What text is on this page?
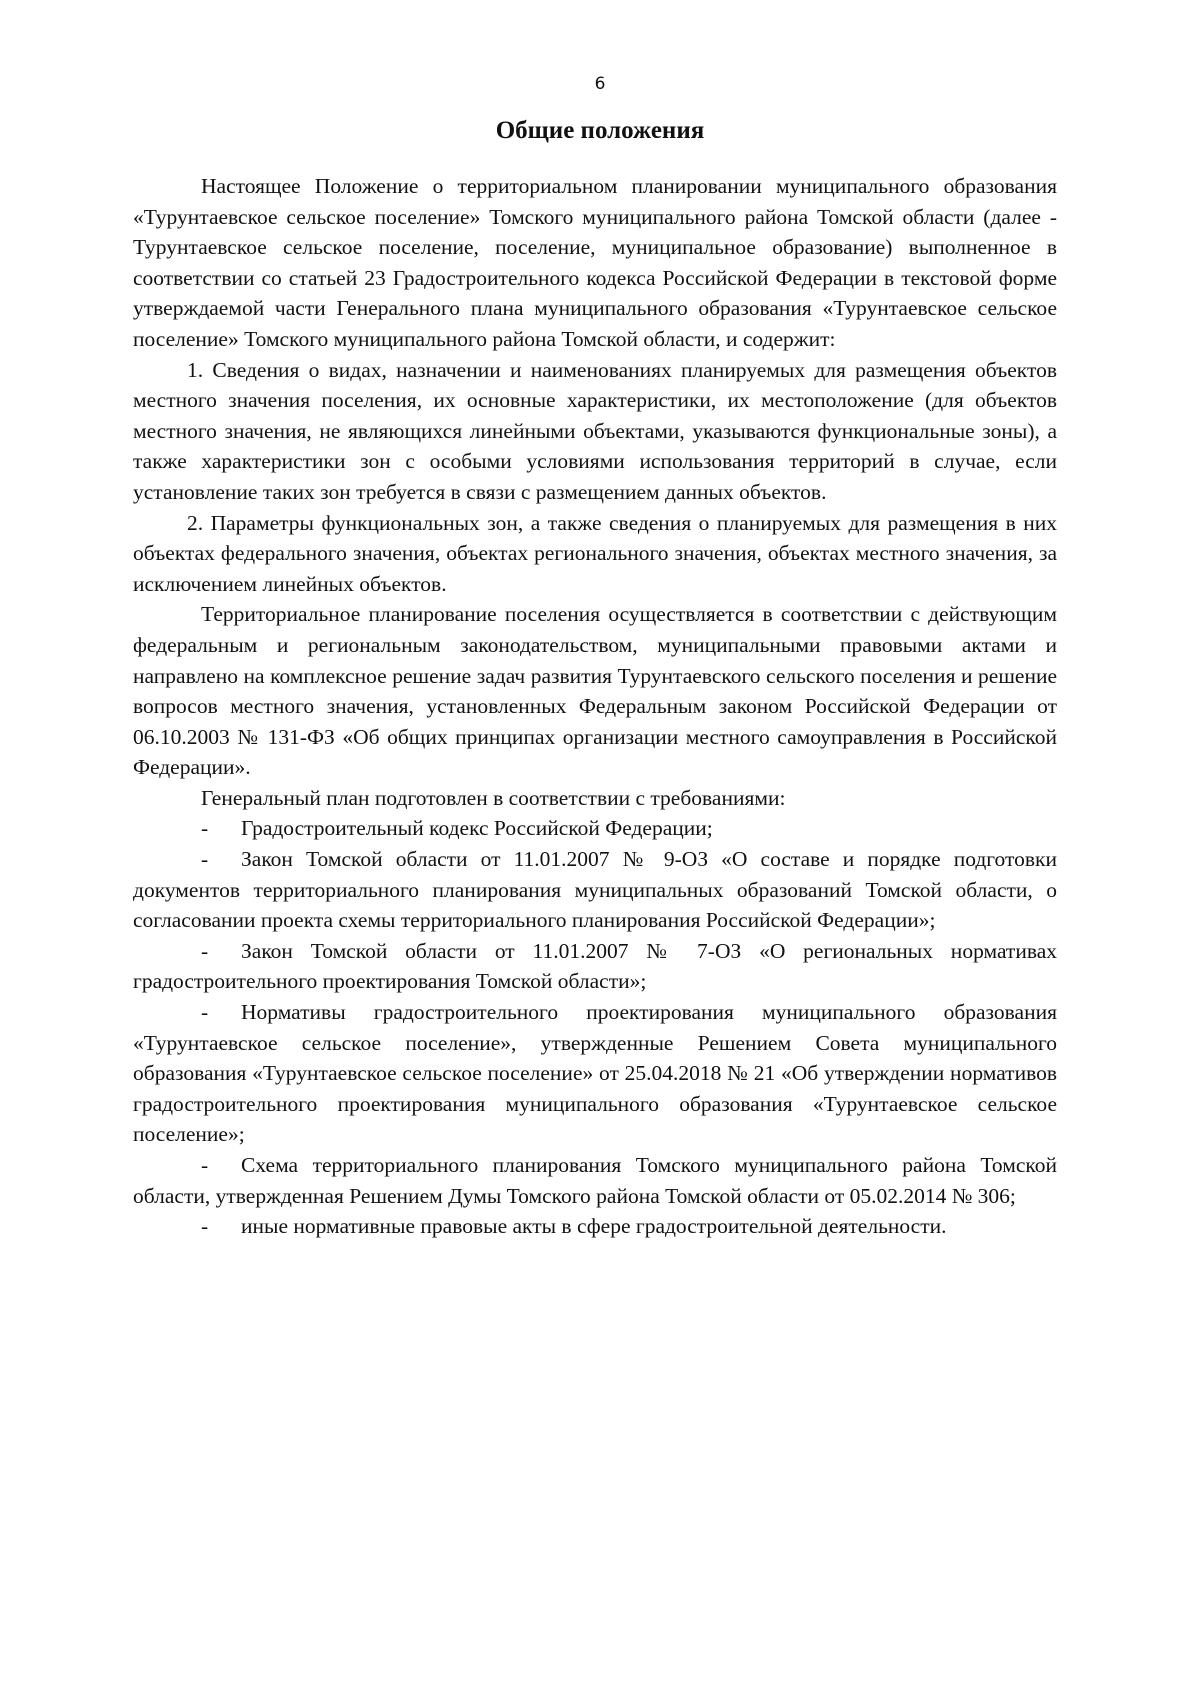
6

Общие положения

Настоящее Положение о территориальном планировании муниципального образования «Турунтаевское сельское поселение» Томского муниципального района Томской области (далее - Турунтаевское сельское поселение, поселение, муниципальное образование) выполненное в соответствии со статьей 23 Градостроительного кодекса Российской Федерации в текстовой форме утверждаемой части Генерального плана муниципального образования «Турунтаевское сельское поселение» Томского муниципального района Томской области, и содержит:

1. Сведения о видах, назначении и наименованиях планируемых для размещения объектов местного значения поселения, их основные характеристики, их местоположение (для объектов местного значения, не являющихся линейными объектами, указываются функциональные зоны), а также характеристики зон с особыми условиями использования территорий в случае, если установление таких зон требуется в связи с размещением данных объектов.

2. Параметры функциональных зон, а также сведения о планируемых для размещения в них объектах федерального значения, объектах регионального значения, объектах местного значения, за исключением линейных объектов.

Территориальное планирование поселения осуществляется в соответствии с действующим федеральным и региональным законодательством, муниципальными правовыми актами и направлено на комплексное решение задач развития Турунтаевского сельского поселения и решение вопросов местного значения, установленных Федеральным законом Российской Федерации от 06.10.2003 № 131-ФЗ «Об общих принципах организации местного самоуправления в Российской Федерации».

Генеральный план подготовлен в соответствии с требованиями:

- Градостроительный кодекс Российской Федерации;

- Закон Томской области от 11.01.2007 № 9-ОЗ «О составе и порядке подготовки документов территориального планирования муниципальных образований Томской области, о согласовании проекта схемы территориального планирования Российской Федерации»;

- Закон Томской области от 11.01.2007 № 7-ОЗ «О региональных нормативах градостроительного проектирования Томской области»;

- Нормативы градостроительного проектирования муниципального образования «Турунтаевское сельское поселение», утвержденные Решением Совета муниципального образования «Турунтаевское сельское поселение» от 25.04.2018 № 21 «Об утверждении нормативов градостроительного проектирования муниципального образования «Турунтаевское сельское поселение»;

- Схема территориального планирования Томского муниципального района Томской области, утвержденная Решением Думы Томского района Томской области от 05.02.2014 № 306;

- иные нормативные правовые акты в сфере градостроительной деятельности.
